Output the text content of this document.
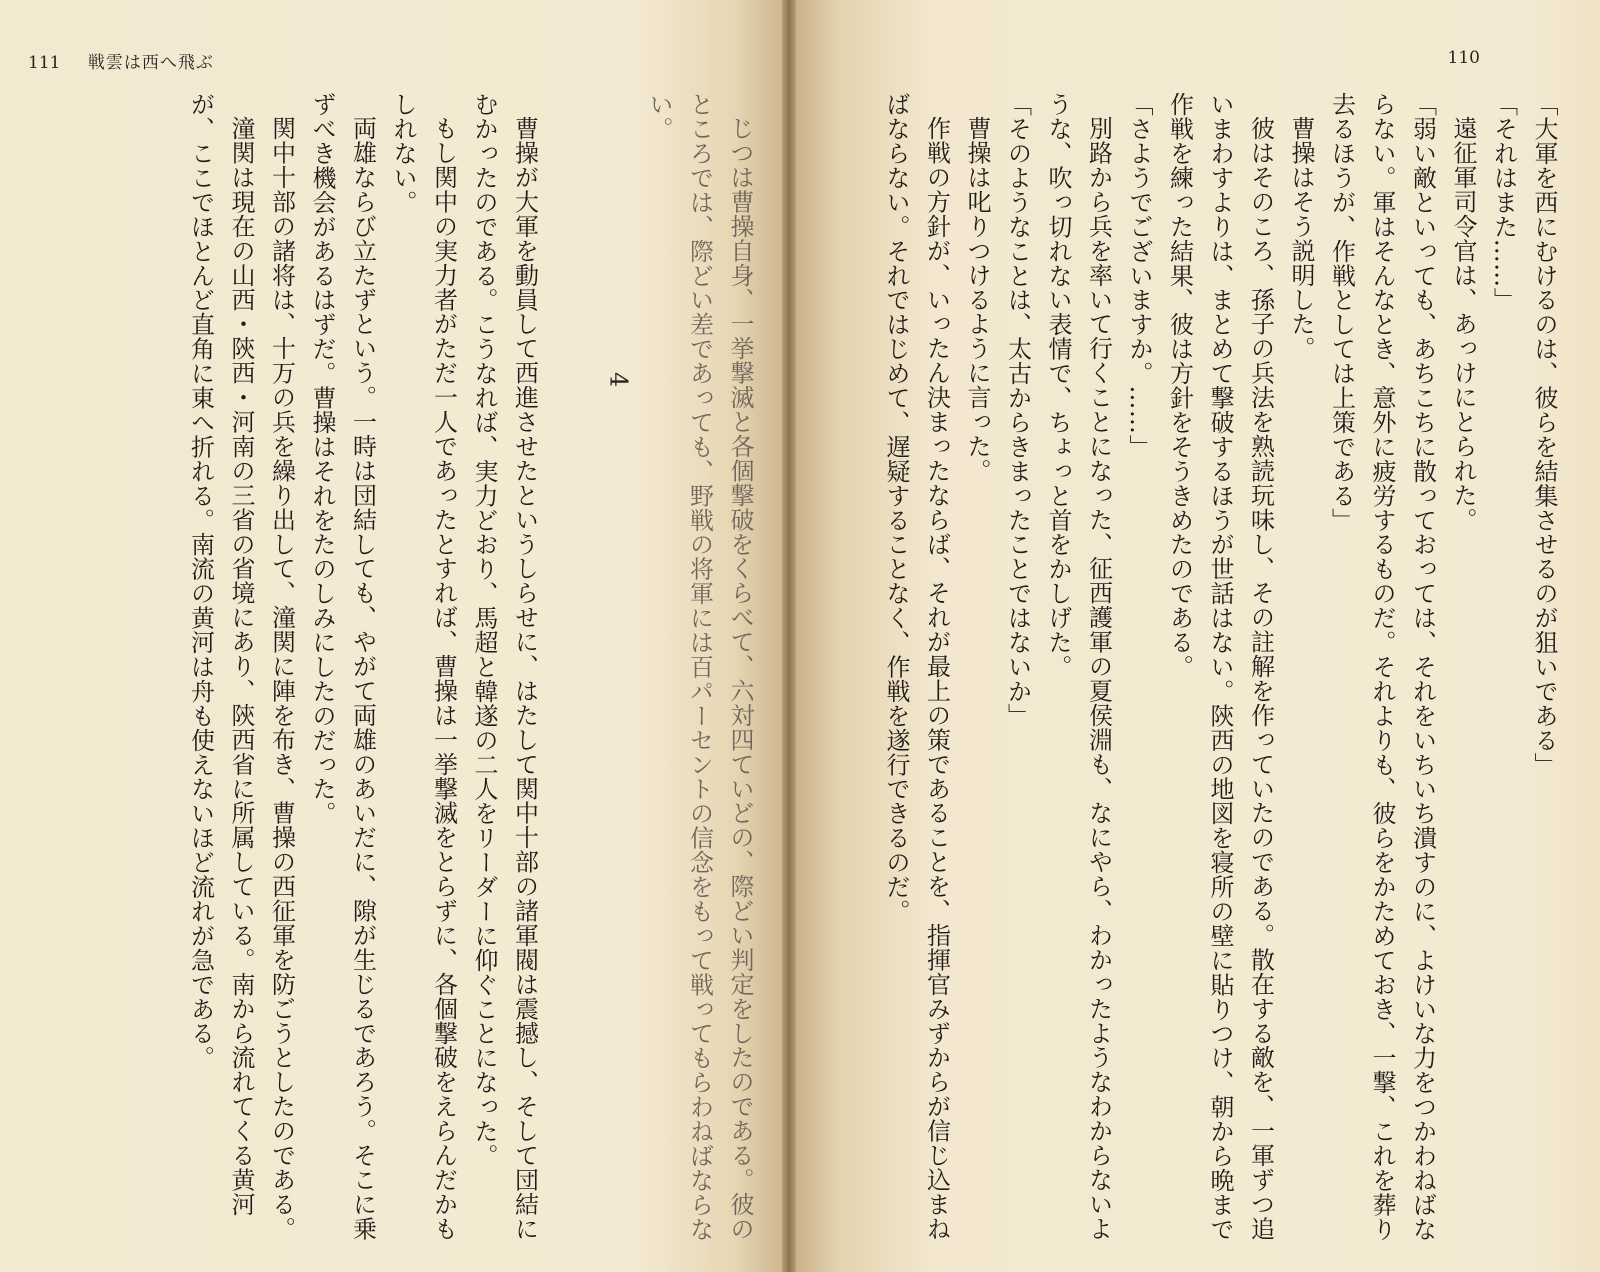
111 戦雲は西へ飛ぶ

じつは曹操自身、一挙撃滅と各個撃破をくらべて、六対四ていどの、際どい判定をしたのである。彼のところでは、際どい差であっても、野戦の将軍には百パーセントの信念をもって戦ってもらわねばならない。

4

曹操が大軍を動員して西進させたというしらせに、はたして関中十部の諸軍閥は震撼し、そして団結にむかったのである。こうなれば、実力どおり、馬超と韓遂の二人をリーダーに仰ぐことになった。

もし関中の実力者がただ一人であったとすれば、曹操は一挙撃滅をとらずに、各個撃破をえらんだかもしれない。

両雄ならび立たずという。一時は団結しても、やがて両雄のあいだに、隙が生じるであろう。そこに乗ずべき機会があるはずだ。曹操はそれをたのしみにしたのだった。

関中十部の諸将は、十万の兵を繰り出して、潼関に陣を布き、曹操の西征軍を防ごうとしたのである。

潼関は現在の山西・陝西・河南の三省の省境にあり、陝西省に所属している。南から流れてくる黄河が、ここでほとんど直角に東へ折れる。南流の黄河は舟も使えないほど流れが急である。

110

「大軍を西にむけるのは、彼らを結集させるのが狙いである」

「それはまた……」

遠征軍司令官は、あっけにとられた。

「弱い敵といっても、あちこちに散っておっては、それをいちいち潰すのに、よけいな力をつかわねばならない。軍はそんなとき、意外に疲労するものだ。それよりも、彼らをかためておき、一撃、これを葬り去るほうが、作戦としては上策である」

曹操はそう説明した。

彼はそのころ、孫子の兵法を熟読玩味し、その註解を作っていたのである。散在する敵を、一軍ずつ追いまわすよりは、まとめて撃破するほうが世話はない。陝西の地図を寝所の壁に貼りつけ、朝から晩まで作戦を練った結果、彼は方針をそうきめたのである。

「さようでございますか。……」

別路から兵を率いて行くことになった、征西護軍の夏侯淵も、なにやら、わかったようなわからないような、吹っ切れない表情で、ちょっと首をかしげた。

「そのようなことは、太古からきまったことではないか」

曹操は叱りつけるように言った。

作戦の方針が、いったん決まったならば、それが最上の策であることを、指揮官みずからが信じ込まねばならない。それではじめて、遅疑することなく、作戦を遂行できるのだ。
